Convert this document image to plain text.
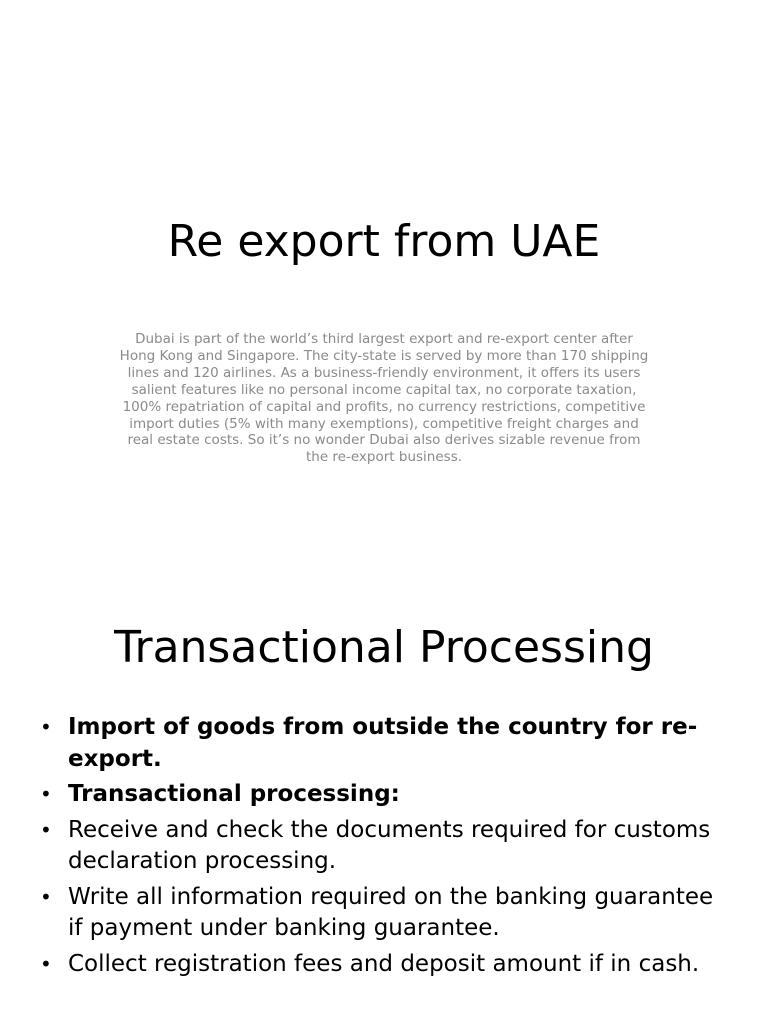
Re export from UAE

Dubai is part of the world’s third largest export and re-export center after Hong Kong and Singapore. The city-state is served by more than 170 shipping lines and 120 airlines. As a business-friendly environment, it offers its users salient features like no personal income capital tax, no corporate taxation, 100% repatriation of capital and profits, no currency restrictions, competitive import duties (5% with many exemptions), competitive freight charges and real estate costs. So it’s no wonder Dubai also derives sizable revenue from the re-export business.

Transactional Processing
• Import of goods from outside the country for re-export.
• Transactional processing:
• Receive and check the documents required for customs declaration processing.
• Write all information required on the banking guarantee if payment under banking guarantee.
• Collect registration fees and deposit amount if in cash.
